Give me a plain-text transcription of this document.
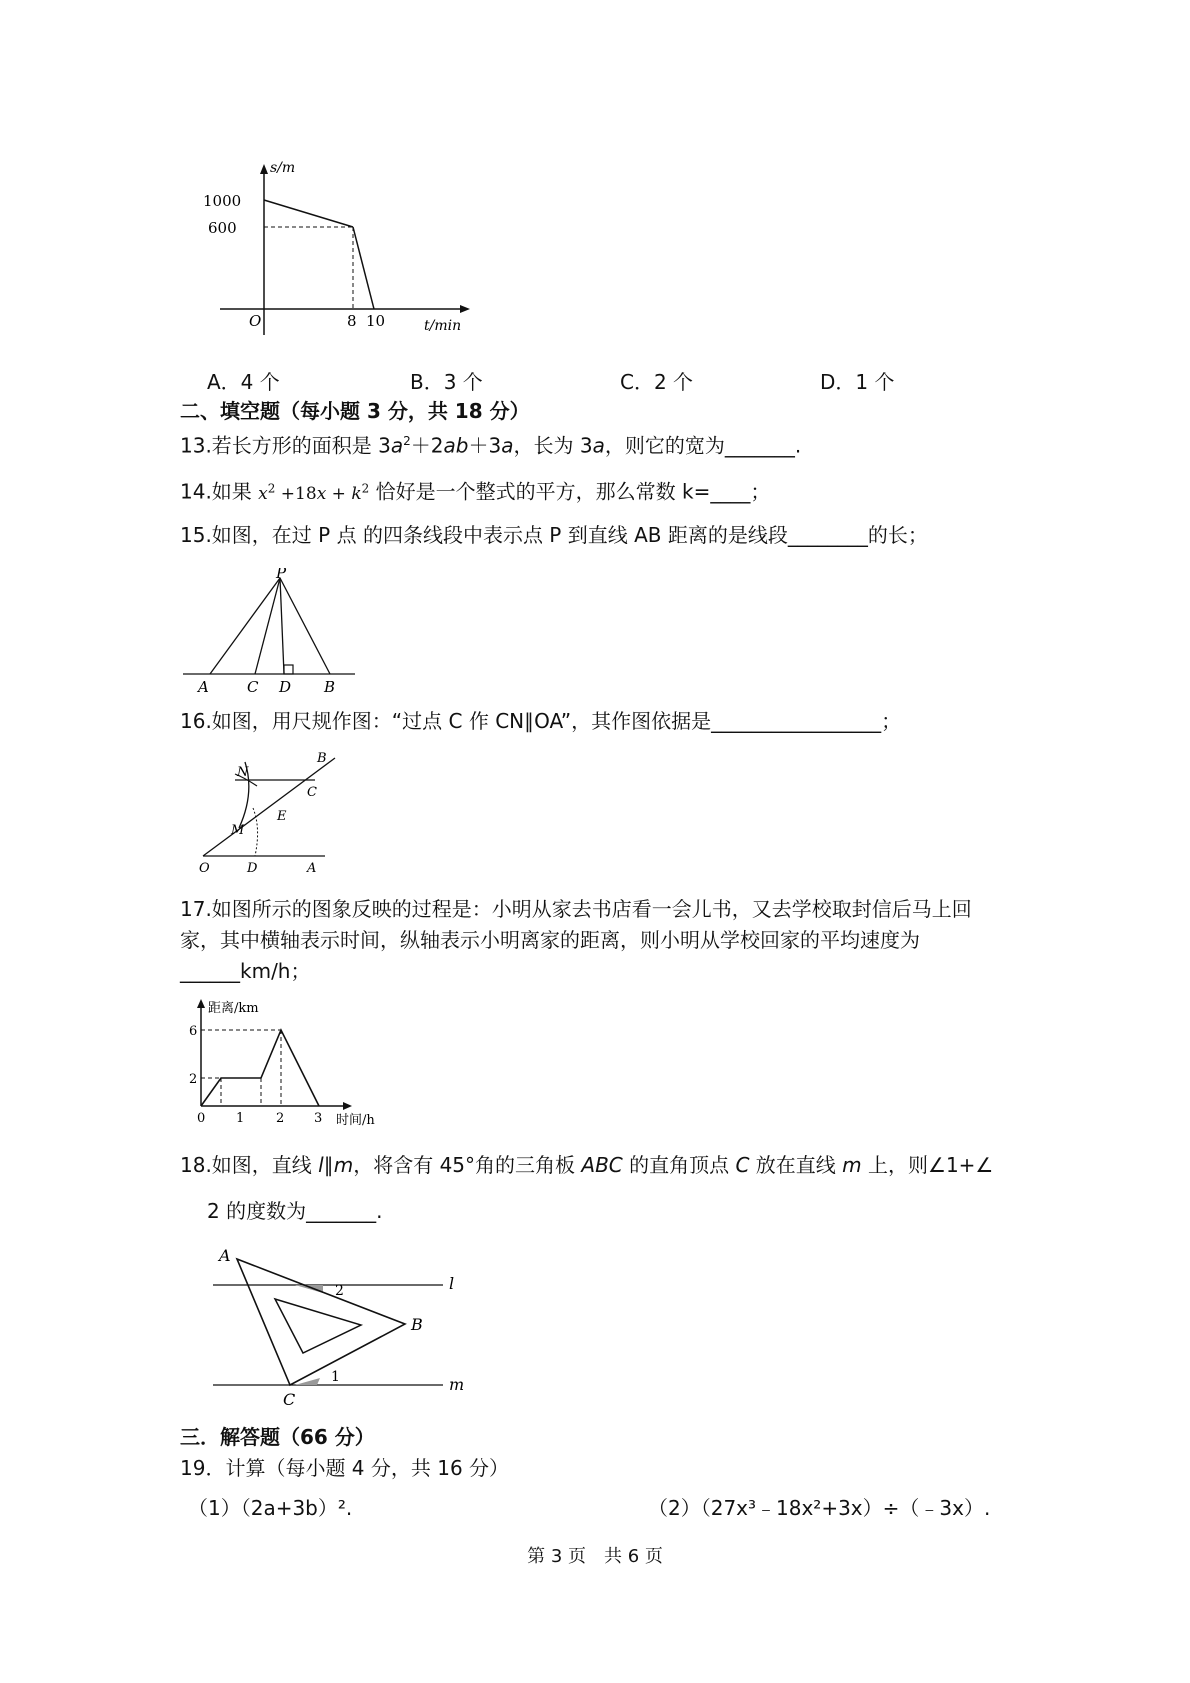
s/m
1000
600
O	8 10	t/min
A．4 个	B．3 个	C．2 个	D．1 个
二、填空题（每小题 3 分，共 18 分）
13.若长方形的面积是 $3a^2+2ab+3a$，长为 3a，则它的宽为_______.
14.如果 $x^2 +18x + k^2$ 恰好是一个整式的平方，那么常数 k=____；
15.如图，在过 P 点 的四条线段中表示点 P 到直线 AB 距离的是线段________的长；
P
A	C D B
16.如图，用尺规作图：“过点 C 作 CN∥OA”，其作图依据是_________________；
N
B
C
E
M
O	D	A
17.如图所示的图象反映的过程是：小明从家去书店看一会儿书，又去学校取封信后马上回
家，其中横轴表示时间，纵轴表示小明离家的距离，则小明从学校回家的平均速度为
______km/h；
距离/km
6
2
0 1 2 3 时间/h
18.如图，直线 l∥m，将含有 45°角的三角板 ABC 的直角顶点 C 放在直线 m 上，则∠1+∠
2 的度数为_______.
A
2	l
B
1
C
m
三．解答题（66 分）
19．计算（每小题 4 分，共 16 分）
（1）（2a+3b）².	（2）（27x³﹣18x²+3x）÷（﹣3x）.
第 3 页　共 6 页
